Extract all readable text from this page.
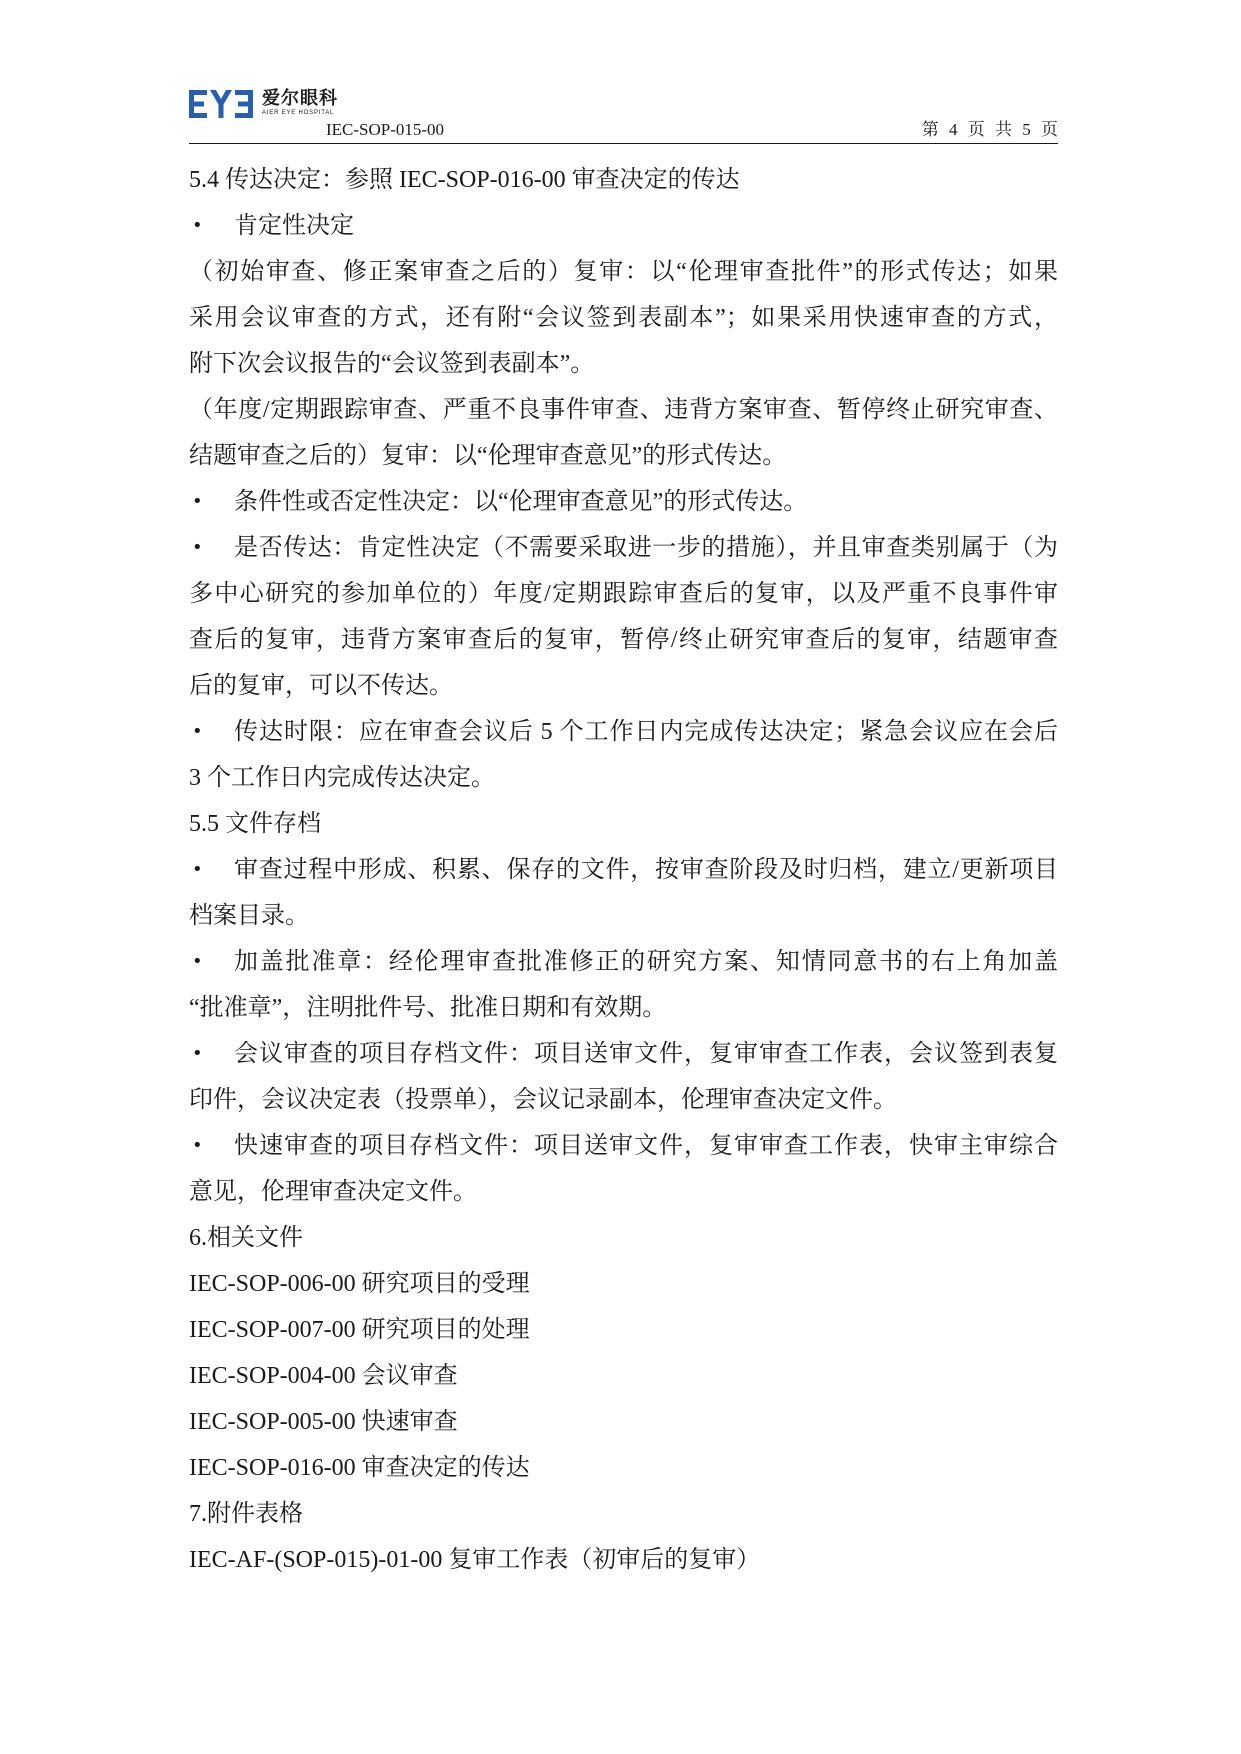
爱尔眼科
AIER EYE HOSPITAL
IEC-SOP-015-00	第 4 页 共 5 页
5.4 传达决定：参照 IEC-SOP-016-00 审查决定的传达
•	肯定性决定
（初始审查、修正案审查之后的）复审：以“伦理审查批件”的形式传达；如果
采用会议审查的方式，还有附“会议签到表副本”；如果采用快速审查的方式，
附下次会议报告的“会议签到表副本”。
（年度/定期跟踪审查、严重不良事件审查、违背方案审查、暂停终止研究审查、
结题审查之后的）复审：以“伦理审查意见”的形式传达。
•	条件性或否定性决定：以“伦理审查意见”的形式传达。
•	是否传达：肯定性决定（不需要采取进一步的措施），并且审查类别属于（为
多中心研究的参加单位的）年度/定期跟踪审查后的复审，以及严重不良事件审
查后的复审，违背方案审查后的复审，暂停/终止研究审查后的复审，结题审查
后的复审，可以不传达。
•	传达时限：应在审查会议后 5 个工作日内完成传达决定；紧急会议应在会后
3 个工作日内完成传达决定。
5.5 文件存档
•	审查过程中形成、积累、保存的文件，按审查阶段及时归档，建立/更新项目
档案目录。
•	加盖批准章：经伦理审查批准修正的研究方案、知情同意书的右上角加盖
“批准章”，注明批件号、批准日期和有效期。
•	会议审查的项目存档文件：项目送审文件，复审审查工作表，会议签到表复
印件，会议决定表（投票单），会议记录副本，伦理审查决定文件。
•	快速审查的项目存档文件：项目送审文件，复审审查工作表，快审主审综合
意见，伦理审查决定文件。
6.相关文件
IEC-SOP-006-00 研究项目的受理
IEC-SOP-007-00 研究项目的处理
IEC-SOP-004-00 会议审查
IEC-SOP-005-00 快速审查
IEC-SOP-016-00 审查决定的传达
7.附件表格
IEC-AF-(SOP-015)-01-00 复审工作表（初审后的复审）
